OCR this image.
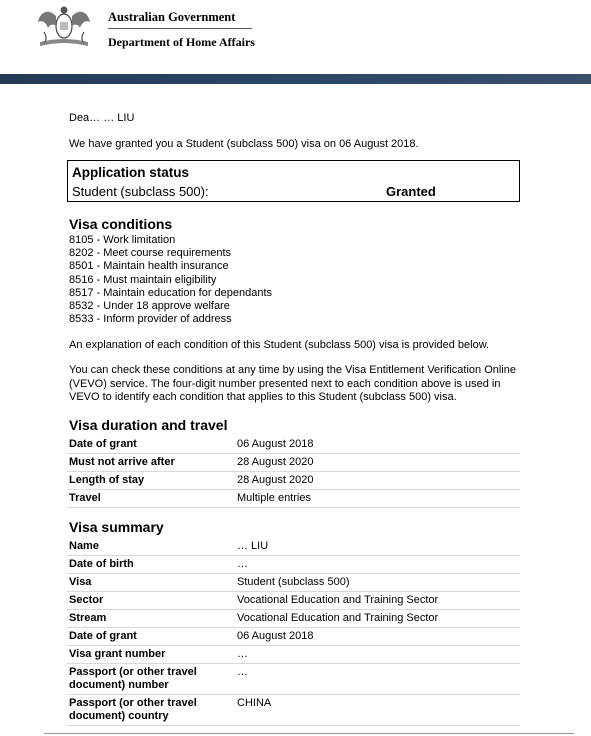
Australian Government
Department of Home Affairs
Dea… … LIU
We have granted you a Student (subclass 500) visa on 06 August 2018.
Application status
Student (subclass 500):	Granted
Visa conditions
8105 - Work limitation
8202 - Meet course requirements
8501 - Maintain health insurance
8516 - Must maintain eligibility
8517 - Maintain education for dependants
8532 - Under 18 approve welfare
8533 - Inform provider of address
An explanation of each condition of this Student (subclass 500) visa is provided below.
You can check these conditions at any time by using the Visa Entitlement Verification Online (VEVO) service. The four-digit number presented next to each condition above is used in VEVO to identify each condition that applies to this Student (subclass 500) visa.
Visa duration and travel
Date of grant	06 August 2018
Must not arrive after	28 August 2020
Length of stay	28 August 2020
Travel	Multiple entries
Visa summary
Name	… LIU
Date of birth	…
Visa	Student (subclass 500)
Sector	Vocational Education and Training Sector
Stream	Vocational Education and Training Sector
Date of grant	06 August 2018
Visa grant number	…
Passport (or other travel document) number	…
Passport (or other travel document) country	CHINA
